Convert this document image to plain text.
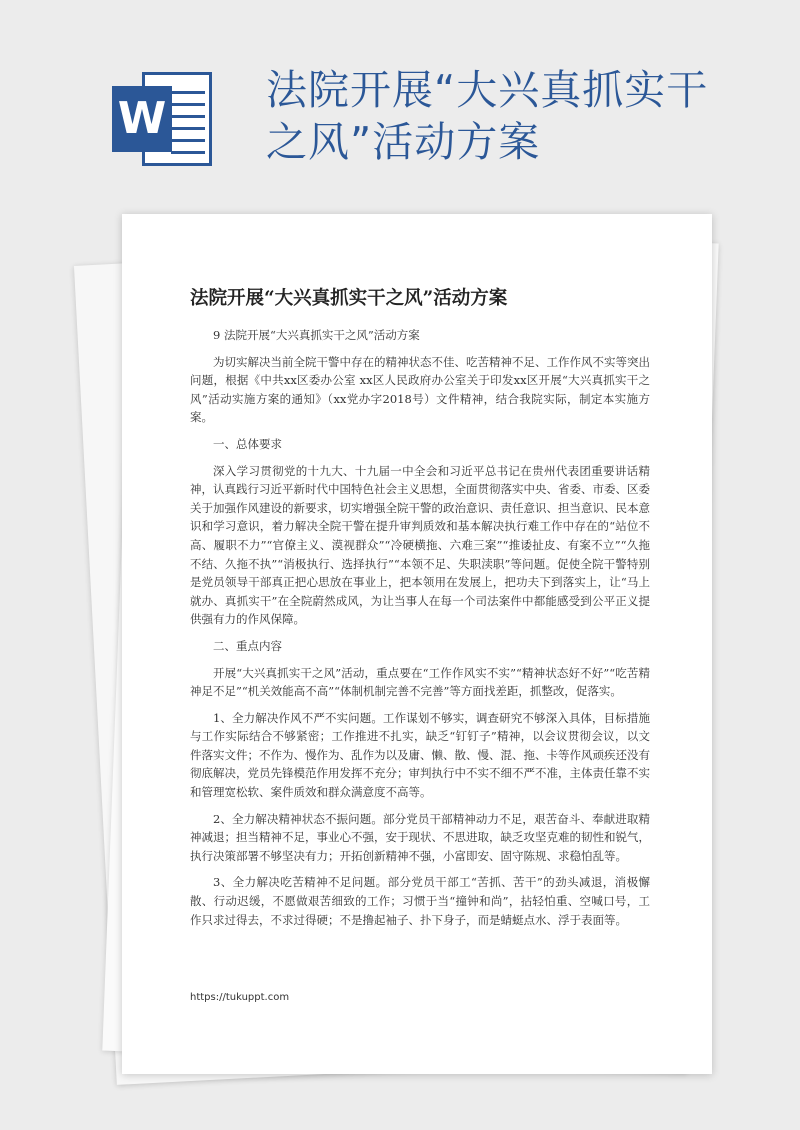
W
法院开展“大兴真抓实干之风”活动方案
法院开展“大兴真抓实干之风”活动方案

9 法院开展“大兴真抓实干之风”活动方案

为切实解决当前全院干警中存在的精神状态不佳、吃苦精神不足、工作作风不实等突出问题，根据《中共xx区委办公室 xx区人民政府办公室关于印发xx区开展“大兴真抓实干之风”活动实施方案的通知》（xx党办字2018号）文件精神，结合我院实际，制定本实施方案。

一、总体要求

深入学习贯彻党的十九大、十九届一中全会和习近平总书记在贵州代表团重要讲话精神，认真践行习近平新时代中国特色社会主义思想，全面贯彻落实中央、省委、市委、区委关于加强作风建设的新要求，切实增强全院干警的政治意识、责任意识、担当意识、民本意识和学习意识，着力解决全院干警在提升审判质效和基本解决执行难工作中存在的“站位不高、履职不力”“官僚主义、漠视群众”“冷硬横拖、六难三案”“推诿扯皮、有案不立”“久拖不结、久拖不执”“消极执行、选择执行”“本领不足、失职渎职”等问题。促使全院干警特别是党员领导干部真正把心思放在事业上，把本领用在发展上，把功夫下到落实上，让“马上就办、真抓实干”在全院蔚然成风，为让当事人在每一个司法案件中都能感受到公平正义提供强有力的作风保障。

二、重点内容

开展“大兴真抓实干之风”活动，重点要在“工作作风实不实”“精神状态好不好”“吃苦精神足不足”“机关效能高不高”“体制机制完善不完善”等方面找差距，抓整改，促落实。

1、全力解决作风不严不实问题。工作谋划不够实，调查研究不够深入具体，目标措施与工作实际结合不够紧密；工作推进不扎实，缺乏“钉钉子”精神，以会议贯彻会议，以文件落实文件；不作为、慢作为、乱作为以及庸、懒、散、慢、混、拖、卡等作风顽疾还没有彻底解决，党员先锋模范作用发挥不充分；审判执行中不实不细不严不准，主体责任靠不实和管理宽松软、案件质效和群众满意度不高等。

2、全力解决精神状态不振问题。部分党员干部精神动力不足，艰苦奋斗、奉献进取精神减退；担当精神不足，事业心不强，安于现状、不思进取，缺乏攻坚克难的韧性和锐气，执行决策部署不够坚决有力；开拓创新精神不强，小富即安、固守陈规、求稳怕乱等。

3、全力解决吃苦精神不足问题。部分党员干部工“苦抓、苦干”的劲头减退，消极懈散、行动迟缓，不愿做艰苦细致的工作；习惯于当“撞钟和尚”，拈轻怕重、空喊口号，工作只求过得去，不求过得硬；不是撸起袖子、扑下身子，而是蜻蜓点水、浮于表面等。

https://tukuppt.com
